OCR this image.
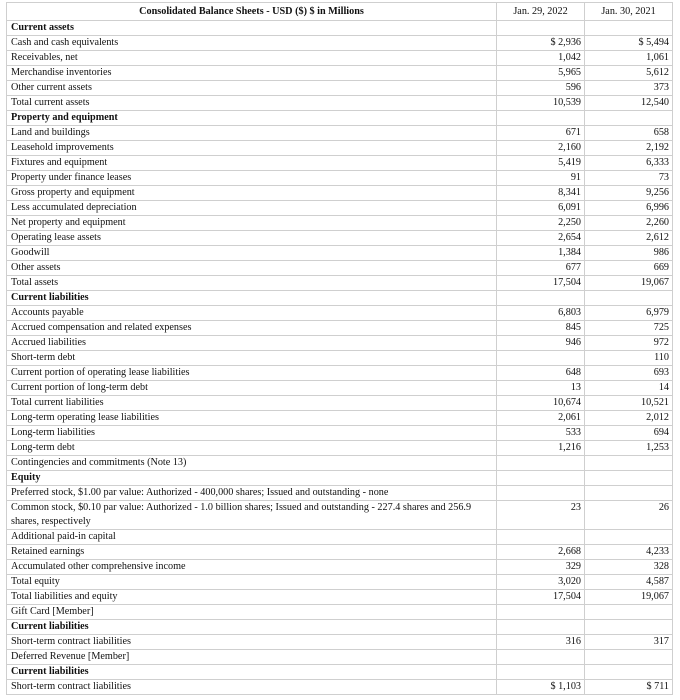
Consolidated Balance Sheets - USD ($) $ in Millions	Jan. 29, 2022	Jan. 30, 2021
Current assets		
Cash and cash equivalents	$ 2,936	$ 5,494
Receivables, net	1,042	1,061
Merchandise inventories	5,965	5,612
Other current assets	596	373
Total current assets	10,539	12,540
Property and equipment		
Land and buildings	671	658
Leasehold improvements	2,160	2,192
Fixtures and equipment	5,419	6,333
Property under finance leases	91	73
Gross property and equipment	8,341	9,256
Less accumulated depreciation	6,091	6,996
Net property and equipment	2,250	2,260
Operating lease assets	2,654	2,612
Goodwill	1,384	986
Other assets	677	669
Total assets	17,504	19,067
Current liabilities		
Accounts payable	6,803	6,979
Accrued compensation and related expenses	845	725
Accrued liabilities	946	972
Short-term debt		110
Current portion of operating lease liabilities	648	693
Current portion of long-term debt	13	14
Total current liabilities	10,674	10,521
Long-term operating lease liabilities	2,061	2,012
Long-term liabilities	533	694
Long-term debt	1,216	1,253
Contingencies and commitments (Note 13)		
Equity		
Preferred stock, $1.00 par value: Authorized - 400,000 shares; Issued and outstanding - none		
Common stock, $0.10 par value: Authorized - 1.0 billion shares; Issued and outstanding - 227.4 shares and 256.9 shares, respectively	23	26
Additional paid-in capital		
Retained earnings	2,668	4,233
Accumulated other comprehensive income	329	328
Total equity	3,020	4,587
Total liabilities and equity	17,504	19,067
Gift Card [Member]		
Current liabilities		
Short-term contract liabilities	316	317
Deferred Revenue [Member]		
Current liabilities		
Short-term contract liabilities	$ 1,103	$ 711
